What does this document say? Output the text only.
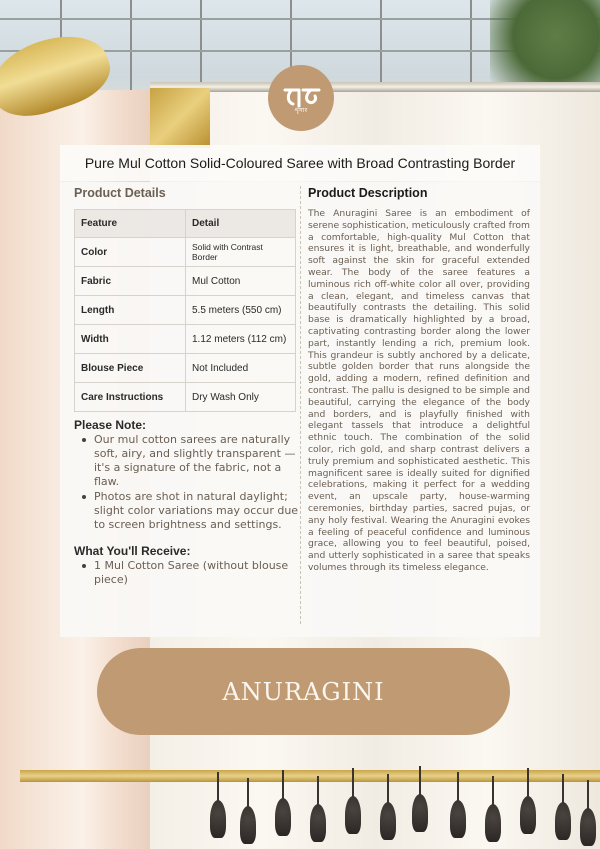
शृंगार
Pure Mul Cotton Solid-Coloured Saree with Broad Contrasting Border
Product Details
Feature	Detail
Color	Solid with Contrast Border
Fabric	Mul Cotton
Length	5.5 meters (550 cm)
Width	1.12 meters (112 cm)
Blouse Piece	Not Included
Care Instructions	Dry Wash Only
Please Note:
Our mul cotton sarees are naturally soft, airy, and slightly transparent — it's a signature of the fabric, not a flaw.
Photos are shot in natural daylight; slight color variations may occur due to screen brightness and settings.
What You'll Receive:
1 Mul Cotton Saree (without blouse piece)
Product Description

The Anuragini Saree is an embodiment of serene sophistication, meticulously crafted from a comfortable, high-quality Mul Cotton that ensures it is light, breathable, and wonderfully soft against the skin for graceful extended wear. The body of the saree features a luminous rich off-white color all over, providing a clean, elegant, and timeless canvas that beautifully contrasts the detailing. This solid base is dramatically highlighted by a broad, captivating contrasting border along the lower part, instantly lending a rich, premium look. This grandeur is subtly anchored by a delicate, subtle golden border that runs alongside the gold, adding a modern, refined definition and contrast. The pallu is designed to be simple and beautiful, carrying the elegance of the body and borders, and is playfully finished with elegant tassels that introduce a delightful ethnic touch. The combination of the solid color, rich gold, and sharp contrast delivers a truly premium and sophisticated aesthetic. This magnificent saree is ideally suited for dignified celebrations, making it perfect for a wedding event, an upscale party, house-warming ceremonies, birthday parties, sacred pujas, or any holy festival. Wearing the Anuragini evokes a feeling of peaceful confidence and luminous grace, allowing you to feel beautiful, poised, and utterly sophisticated in a saree that speaks volumes through its timeless elegance.

ANURAGINI
